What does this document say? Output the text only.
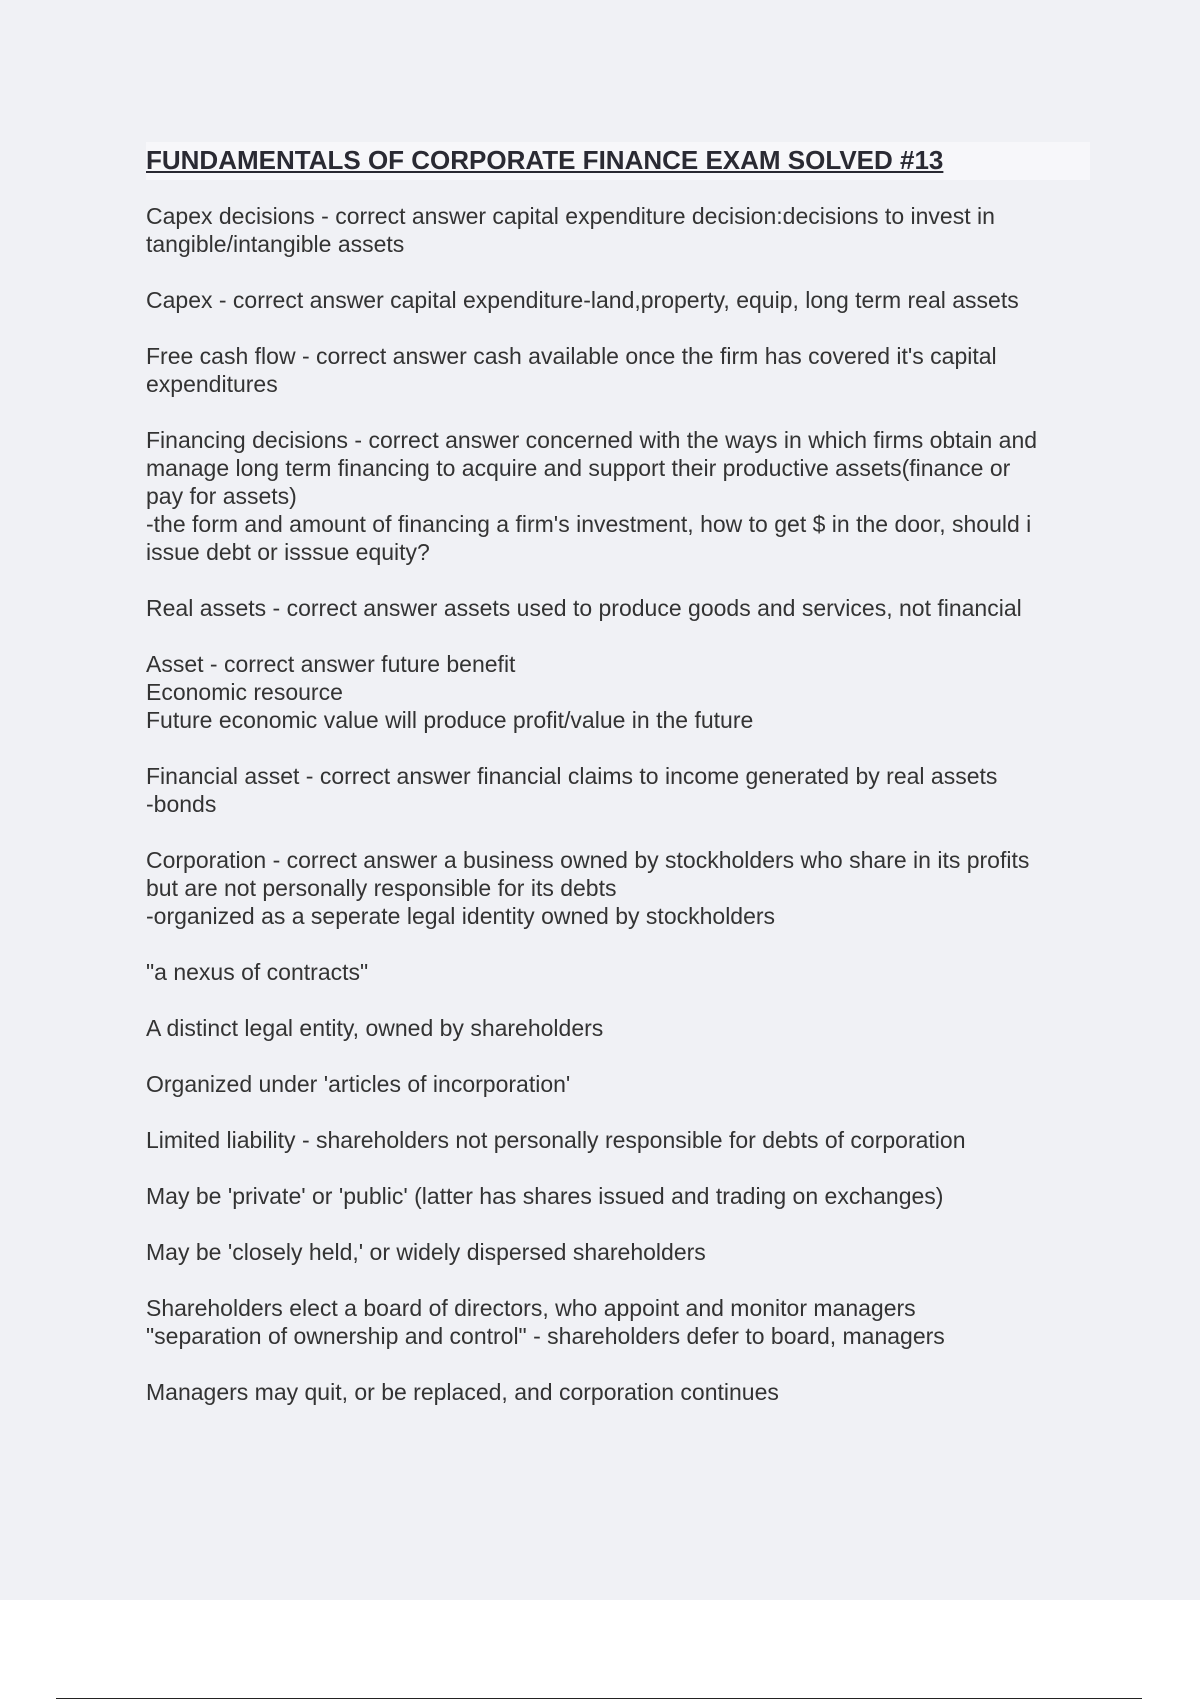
FUNDAMENTALS OF CORPORATE FINANCE EXAM SOLVED #13
Capex decisions - correct answer capital expenditure decision:decisions to invest in
tangible/intangible assets
Capex - correct answer capital expenditure-land,property, equip, long term real assets
Free cash flow - correct answer cash available once the firm has covered it's capital
expenditures
Financing decisions - correct answer concerned with the ways in which firms obtain and
manage long term financing to acquire and support their productive assets(finance or
pay for assets)
-the form and amount of financing a firm's investment, how to get $ in the door, should i
issue debt or isssue equity?
Real assets - correct answer assets used to produce goods and services, not financial
Asset - correct answer future benefit
Economic resource
Future economic value will produce profit/value in the future
Financial asset - correct answer financial claims to income generated by real assets
-bonds
Corporation - correct answer a business owned by stockholders who share in its profits
but are not personally responsible for its debts
-organized as a seperate legal identity owned by stockholders
"a nexus of contracts"
A distinct legal entity, owned by shareholders
Organized under 'articles of incorporation'
Limited liability - shareholders not personally responsible for debts of corporation
May be 'private' or 'public' (latter has shares issued and trading on exchanges)
May be 'closely held,' or widely dispersed shareholders
Shareholders elect a board of directors, who appoint and monitor managers
"separation of ownership and control" - shareholders defer to board, managers
Managers may quit, or be replaced, and corporation continues
